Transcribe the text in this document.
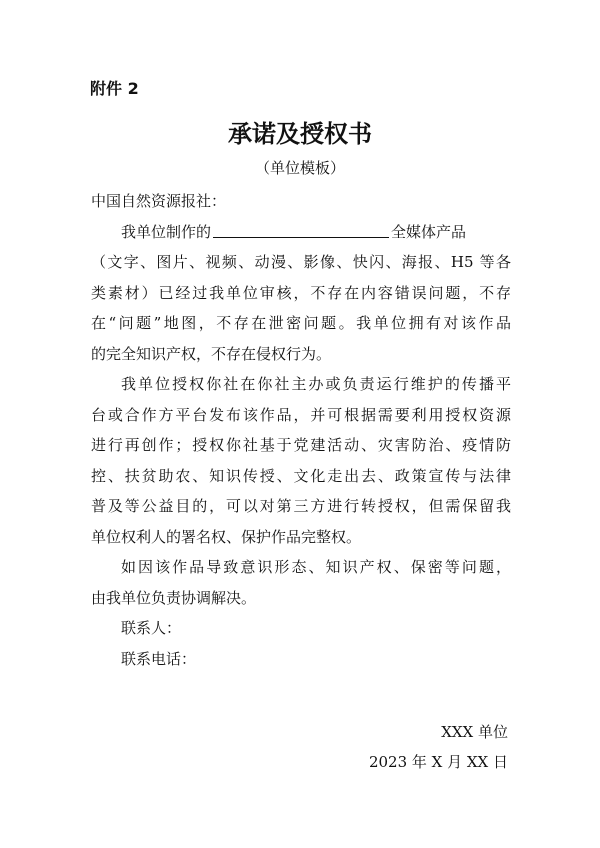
附件 2
承诺及授权书
（单位模板）
中国自然资源报社：
我单位制作的	全媒体产品
（文字、图片、视频、动漫、影像、快闪、海报、H5 等各
类素材）已经过我单位审核，不存在内容错误问题，不存
在“问题”地图，不存在泄密问题。我单位拥有对该作品
的完全知识产权，不存在侵权行为。
我单位授权你社在你社主办或负责运行维护的传播平
台或合作方平台发布该作品，并可根据需要利用授权资源
进行再创作；授权你社基于党建活动、灾害防治、疫情防
控、扶贫助农、知识传授、文化走出去、政策宣传与法律
普及等公益目的，可以对第三方进行转授权，但需保留我
单位权利人的署名权、保护作品完整权。
如因该作品导致意识形态、知识产权、保密等问题，
由我单位负责协调解决。
联系人：
联系电话：
XXX 单位
2023 年 X 月 XX 日
